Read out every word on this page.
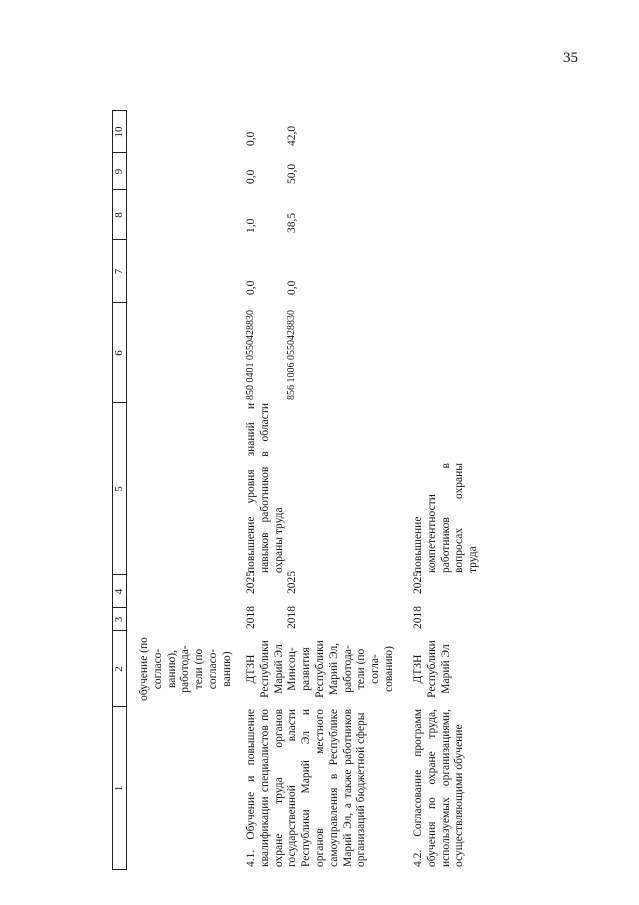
35
1
2
3
4
5
6
7
8
9
10
обучение (по согласо- ванию), работода- тели (по согласо- ванию)
4.1. Обучение и повышение квалификации специалистов по охране труда органов государственной власти Республики Марий Эл и органов местного самоуправления в Республике Марий Эл, а также работников организаций бюджетной сферы
ДТЗН Республики Марий Эл Минсоц- развития Республики Марий Эл, работода- тели (по согла- сованию)
2018
2025
2018
2025
повышение уровня знаний и навыков работников в области охраны труда
850 0401 0550428830
0,0
1,0
0,0
0,0
856 1006 0550428830
0,0
38,5
50,0
42,0
4.2. Согласование программ обучения по охране труда, используемых организациями, осуществляющими обучение
ДТЗН Республики Марий Эл
2018
2025
повышение компетентности работников в вопросах охраны труда
